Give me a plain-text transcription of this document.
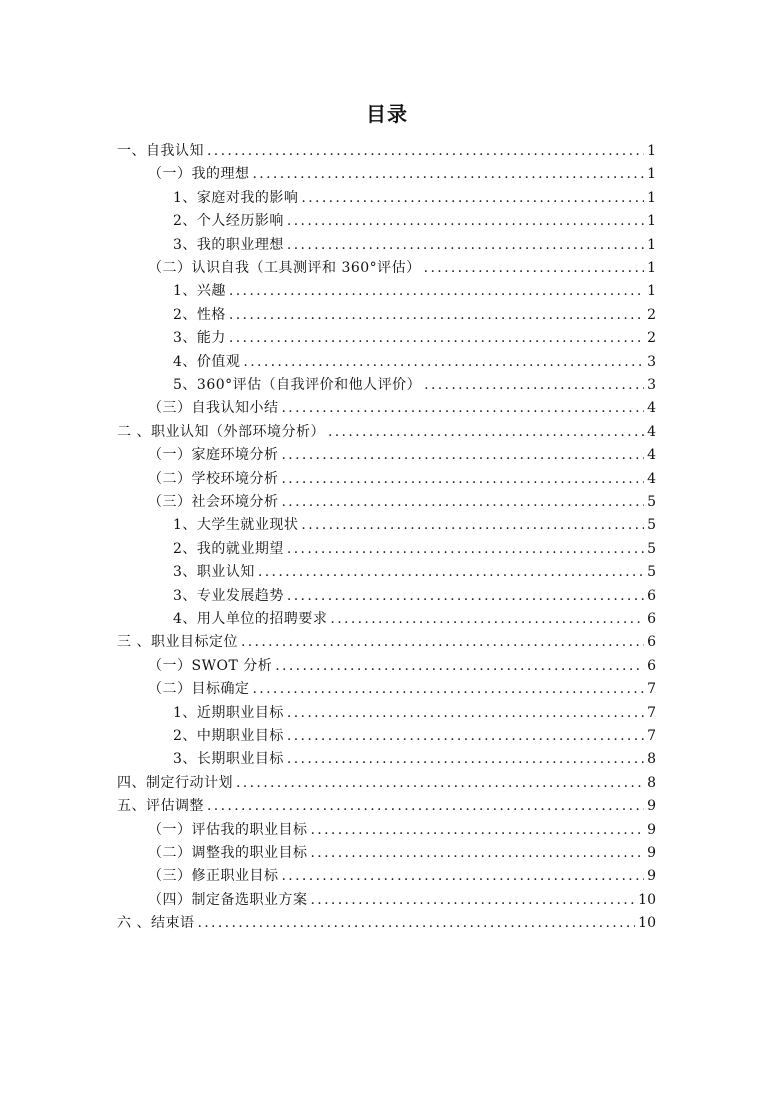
目录
一、自我认知 .....	1
（一）我的理想 .....	1
1、家庭对我的影响 .....	1
2、个人经历影响 .....	1
3、我的职业理想 .....	1
（二）认识自我（工具测评和 360°评估） .....	1
1、兴趣 .....	1
2、性格 .....	2
3、能力 .....	2
4、价值观 .....	3
5、360°评估（自我评价和他人评价） .....	3
（三）自我认知小结 .....	4
二 、职业认知（外部环境分析） .....	4
（一）家庭环境分析 .....	4
（二）学校环境分析 .....	4
（三）社会环境分析 .....	5
1、大学生就业现状 .....	5
2、我的就业期望 .....	5
3、职业认知 .....	5
3、专业发展趋势 .....	6
4、用人单位的招聘要求 .....	6
三 、职业目标定位 .....	6
（一）SWOT 分析 .....	6
（二）目标确定 .....	7
1、近期职业目标 .....	7
2、中期职业目标 .....	7
3、长期职业目标 .....	8
四、制定行动计划 .....	8
五、评估调整 .....	9
（一）评估我的职业目标 .....	9
（二）调整我的职业目标 .....	9
（三）修正职业目标 .....	9
（四）制定备选职业方案 .....	10
六 、结束语 .....	10
